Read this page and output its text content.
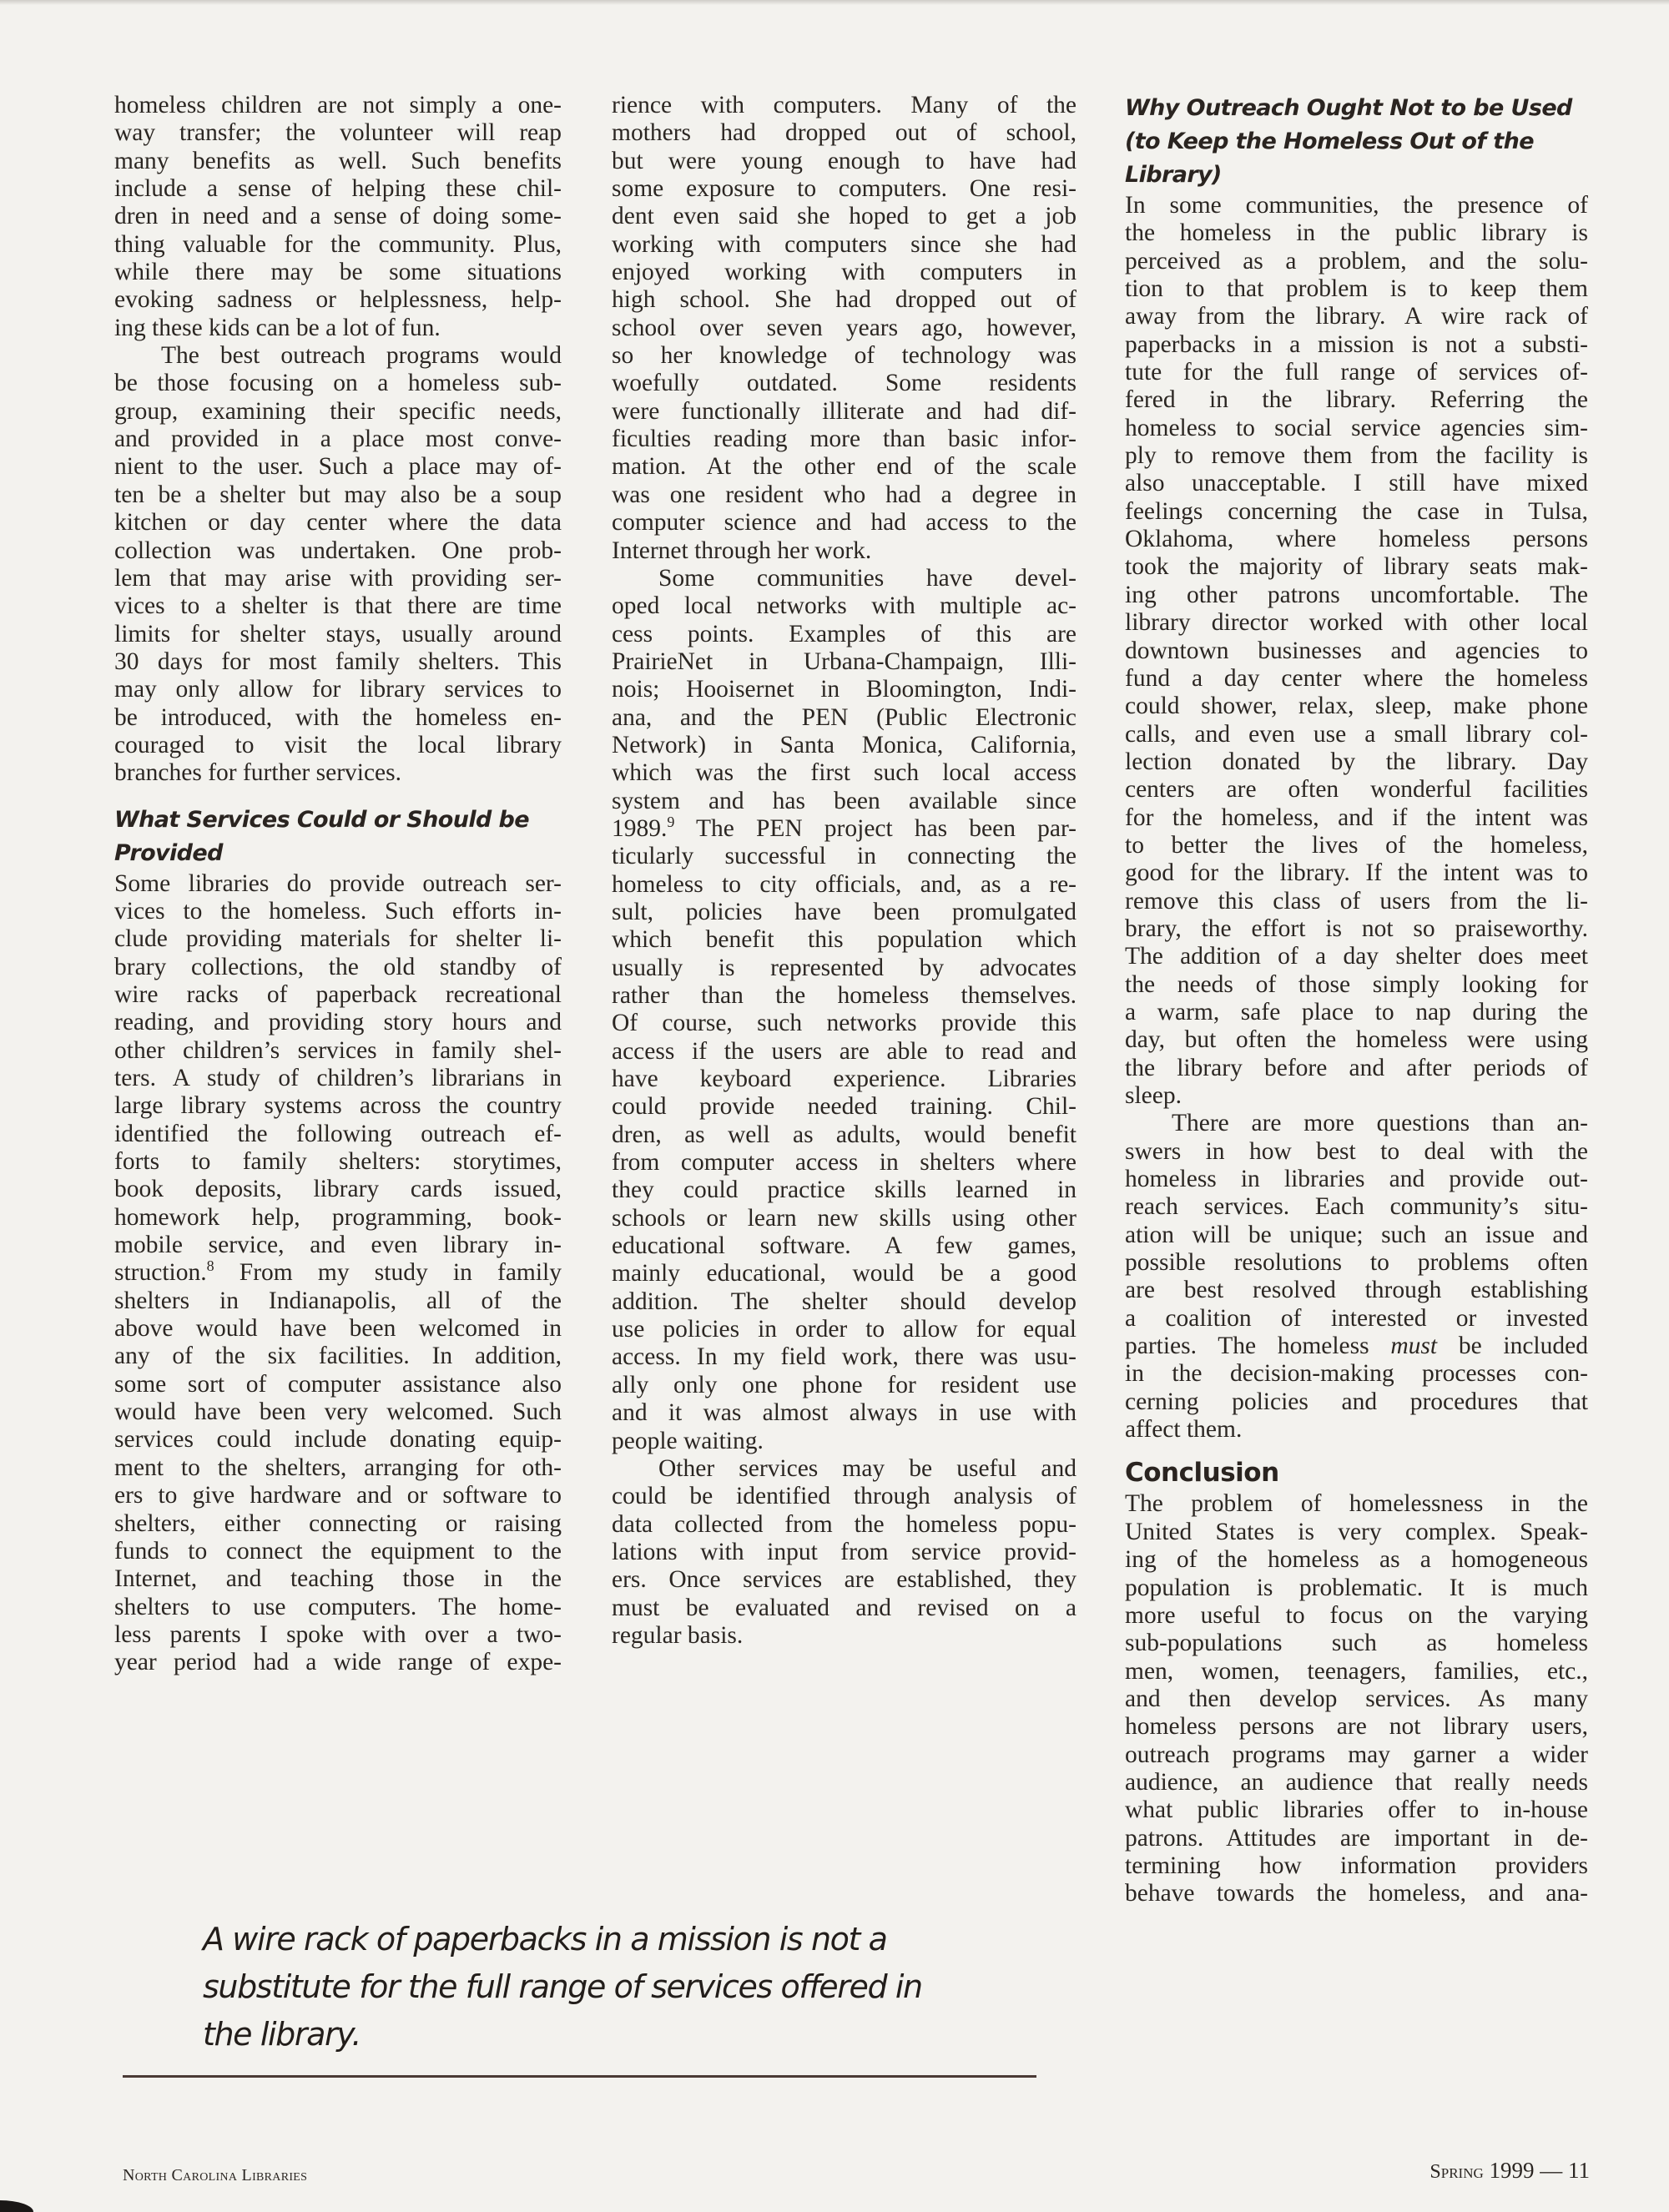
homeless children are not simply a one-
way transfer; the volunteer will reap
many benefits as well. Such benefits
include a sense of helping these chil-
dren in need and a sense of doing some-
thing valuable for the community. Plus,
while there may be some situations
evoking sadness or helplessness, help-
ing these kids can be a lot of fun.
The best outreach programs would
be those focusing on a homeless sub-
group, examining their specific needs,
and provided in a place most conve-
nient to the user. Such a place may of-
ten be a shelter but may also be a soup
kitchen or day center where the data
collection was undertaken. One prob-
lem that may arise with providing ser-
vices to a shelter is that there are time
limits for shelter stays, usually around
30 days for most family shelters. This
may only allow for library services to
be introduced, with the homeless en-
couraged to visit the local library
branches for further services.
What Services Could or Should be
Provided
Some libraries do provide outreach ser-
vices to the homeless. Such efforts in-
clude providing materials for shelter li-
brary collections, the old standby of
wire racks of paperback recreational
reading, and providing story hours and
other children’s services in family shel-
ters. A study of children’s librarians in
large library systems across the country
identified the following outreach ef-
forts to family shelters: storytimes,
book deposits, library cards issued,
homework help, programming, book-
mobile service, and even library in-
struction.$^8$ From my study in family
shelters in Indianapolis, all of the
above would have been welcomed in
any of the six facilities. In addition,
some sort of computer assistance also
would have been very welcomed. Such
services could include donating equip-
ment to the shelters, arranging for oth-
ers to give hardware and or software to
shelters, either connecting or raising
funds to connect the equipment to the
Internet, and teaching those in the
shelters to use computers. The home-
less parents I spoke with over a two-
year period had a wide range of expe-
rience with computers. Many of the
mothers had dropped out of school,
but were young enough to have had
some exposure to computers. One resi-
dent even said she hoped to get a job
working with computers since she had
enjoyed working with computers in
high school. She had dropped out of
school over seven years ago, however,
so her knowledge of technology was
woefully outdated. Some residents
were functionally illiterate and had dif-
ficulties reading more than basic infor-
mation. At the other end of the scale
was one resident who had a degree in
computer science and had access to the
Internet through her work.
Some communities have devel-
oped local networks with multiple ac-
cess points. Examples of this are
PrairieNet in Urbana-Champaign, Illi-
nois; Hooisernet in Bloomington, Indi-
ana, and the PEN (Public Electronic
Network) in Santa Monica, California,
which was the first such local access
system and has been available since
1989.$^9$ The PEN project has been par-
ticularly successful in connecting the
homeless to city officials, and, as a re-
sult, policies have been promulgated
which benefit this population which
usually is represented by advocates
rather than the homeless themselves.
Of course, such networks provide this
access if the users are able to read and
have keyboard experience. Libraries
could provide needed training. Chil-
dren, as well as adults, would benefit
from computer access in shelters where
they could practice skills learned in
schools or learn new skills using other
educational software. A few games,
mainly educational, would be a good
addition. The shelter should develop
use policies in order to allow for equal
access. In my field work, there was usu-
ally only one phone for resident use
and it was almost always in use with
people waiting.
Other services may be useful and
could be identified through analysis of
data collected from the homeless popu-
lations with input from service provid-
ers. Once services are established, they
must be evaluated and revised on a
regular basis.
Why Outreach Ought Not to be Used
(to Keep the Homeless Out of the
Library)
In some communities, the presence of
the homeless in the public library is
perceived as a problem, and the solu-
tion to that problem is to keep them
away from the library. A wire rack of
paperbacks in a mission is not a substi-
tute for the full range of services of-
fered in the library. Referring the
homeless to social service agencies sim-
ply to remove them from the facility is
also unacceptable. I still have mixed
feelings concerning the case in Tulsa,
Oklahoma, where homeless persons
took the majority of library seats mak-
ing other patrons uncomfortable. The
library director worked with other local
downtown businesses and agencies to
fund a day center where the homeless
could shower, relax, sleep, make phone
calls, and even use a small library col-
lection donated by the library. Day
centers are often wonderful facilities
for the homeless, and if the intent was
to better the lives of the homeless,
good for the library. If the intent was to
remove this class of users from the li-
brary, the effort is not so praiseworthy.
The addition of a day shelter does meet
the needs of those simply looking for
a warm, safe place to nap during the
day, but often the homeless were using
the library before and after periods of
sleep.
There are more questions than an-
swers in how best to deal with the
homeless in libraries and provide out-
reach services. Each community’s situ-
ation will be unique; such an issue and
possible resolutions to problems often
are best resolved through establishing
a coalition of interested or invested
parties. The homeless must be included
in the decision-making processes con-
cerning policies and procedures that
affect them.
Conclusion
The problem of homelessness in the
United States is very complex. Speak-
ing of the homeless as a homogeneous
population is problematic. It is much
more useful to focus on the varying
sub-populations such as homeless
men, women, teenagers, families, etc.,
and then develop services. As many
homeless persons are not library users,
outreach programs may garner a wider
audience, an audience that really needs
what public libraries offer to in-house
patrons. Attitudes are important in de-
termining how information providers
behave towards the homeless, and ana-
A wire rack of paperbacks in a mission is not a
substitute for the full range of services offered in
the library.
North Carolina Libraries	Spring 1999 — 11
